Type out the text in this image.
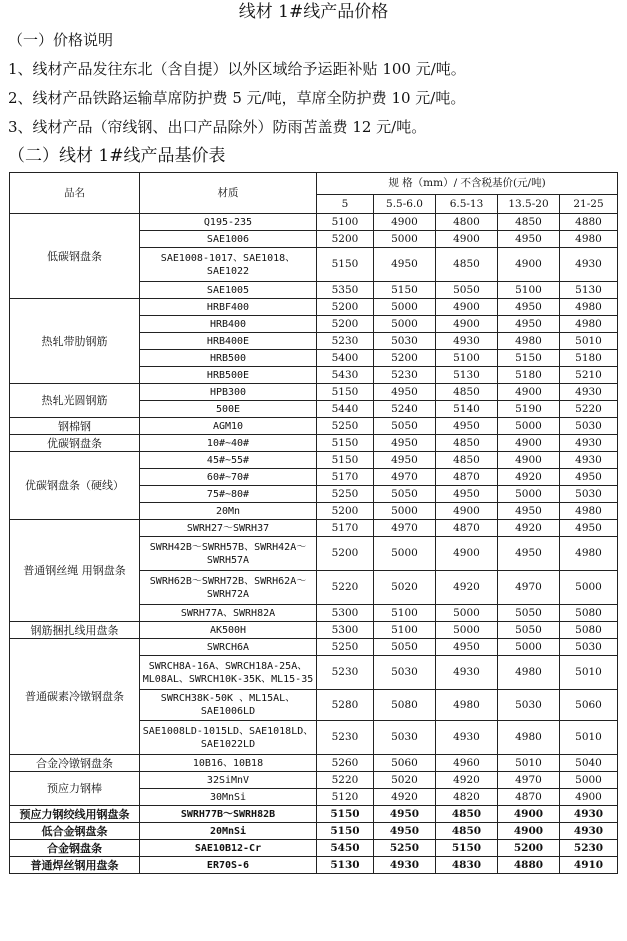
线材 1#线产品价格
（一）价格说明
1、线材产品发往东北（含自提）以外区域给予运距补贴 100 元/吨。
2、线材产品铁路运输草席防护费 5 元/吨，草席全防护费 10 元/吨。
3、线材产品（帘线钢、出口产品除外）防雨苫盖费 12 元/吨。
（二）线材 1#线产品基价表
品名	材质	规 格（mm）/ 不含税基价(元/吨)				
		5	5.5-6.0	6.5-13	13.5-20	21-25
低碳钢盘条	Q195-235	5100	4900	4800	4850	4880
	SAE1006	5200	5000	4900	4950	4980
	SAE1008-1017、SAE1018、SAE1022	5150	4950	4850	4900	4930
	SAE1005	5350	5150	5050	5100	5130
热轧带肋钢筋	HRBF400	5200	5000	4900	4950	4980
	HRB400	5200	5000	4900	4950	4980
	HRB400E	5230	5030	4930	4980	5010
	HRB500	5400	5200	5100	5150	5180
	HRB500E	5430	5230	5130	5180	5210
热轧光圆钢筋	HPB300	5150	4950	4850	4900	4930
	500E	5440	5240	5140	5190	5220
钢棉钢	AGM10	5250	5050	4950	5000	5030
优碳钢盘条	10#~40#	5150	4950	4850	4900	4930
优碳钢盘条（硬线）	45#~55#	5150	4950	4850	4900	4930
	60#~70#	5170	4970	4870	4920	4950
	75#~80#	5250	5050	4950	5000	5030
	20Mn	5200	5000	4900	4950	4980
普通钢丝绳 用钢盘条	SWRH27～SWRH37	5170	4970	4870	4920	4950
	SWRH42B～SWRH57B、SWRH42A～SWRH57A	5200	5000	4900	4950	4980
	SWRH62B～SWRH72B、SWRH62A～SWRH72A	5220	5020	4920	4970	5000
	SWRH77A、SWRH82A	5300	5100	5000	5050	5080
钢筋捆扎线用盘条	AK500H	5300	5100	5000	5050	5080
普通碳素冷镦钢盘条	SWRCH6A	5250	5050	4950	5000	5030
	SWRCH8A-16A、SWRCH18A-25A、ML08AL、SWRCH10K-35K、ML15-35	5230	5030	4930	4980	5010
	SWRCH38K-50K 、ML15AL、SAE1006LD	5280	5080	4980	5030	5060
	SAE1008LD-1015LD、SAE1018LD、SAE1022LD	5230	5030	4930	4980	5010
合金冷镦钢盘条	10B16、10B18	5260	5060	4960	5010	5040
预应力钢棒	32SiMnV	5220	5020	4920	4970	5000
	30MnSi	5120	4920	4820	4870	4900
预应力钢绞线用钢盘条	SWRH77B～SWRH82B	5150	4950	4850	4900	4930
低合金钢盘条	20MnSi	5150	4950	4850	4900	4930
合金钢盘条	SAE10B12-Cr	5450	5250	5150	5200	5230
普通焊丝钢用盘条	ER70S-6	5130	4930	4830	4880	4910
